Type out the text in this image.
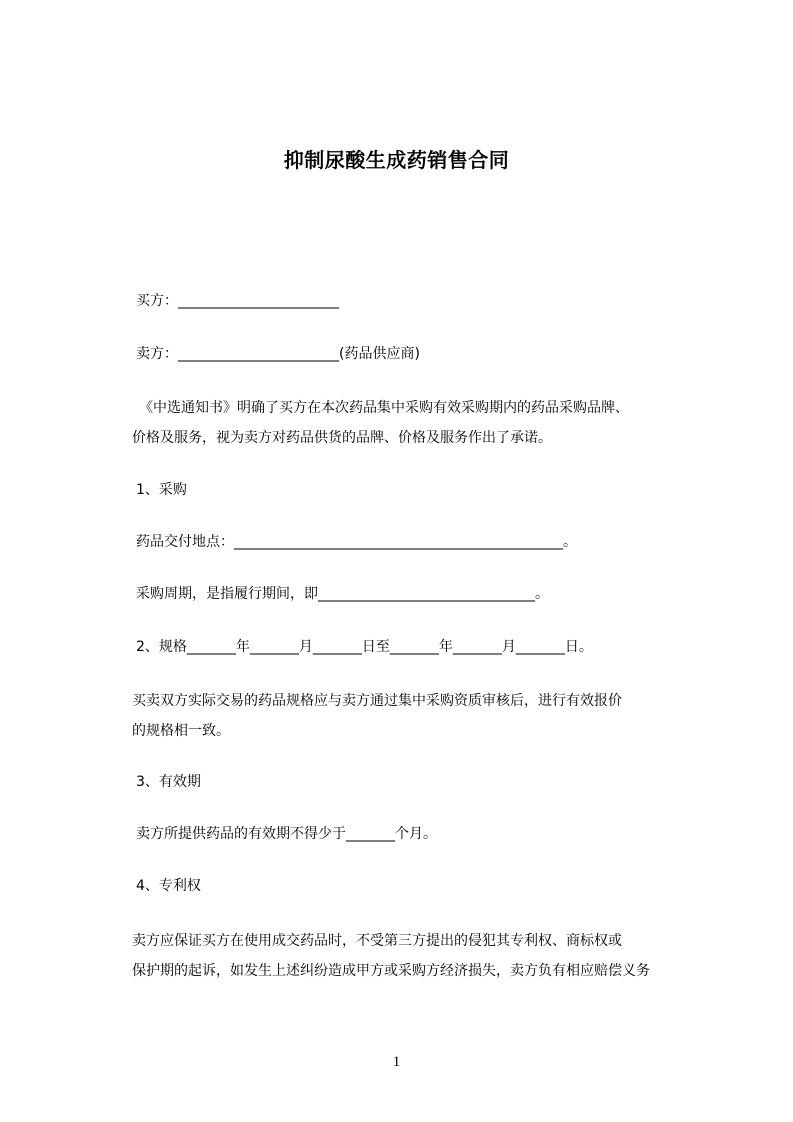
抑制尿酸生成药销售合同
买方：_______________________
卖方：_______________________(药品供应商)
　《中选通知书》明确了买方在本次药品集中采购有效采购期内的药品采购品牌、
价格及服务，视为卖方对药品供货的品牌、价格及服务作出了承诺。
1、采购
药品交付地点：_______________________________________________。
采购周期，是指履行期间，即_______________________________。
2、规格_______年_______月_______日至_______年_______月_______日。
买卖双方实际交易的药品规格应与卖方通过集中采购资质审核后，进行有效报价
的规格相一致。
3、有效期
卖方所提供药品的有效期不得少于_______个月。
4、专利权
卖方应保证买方在使用成交药品时，不受第三方提出的侵犯其专利权、商标权或
保护期的起诉，如发生上述纠纷造成甲方或采购方经济损失，卖方负有相应赔偿义务
1
